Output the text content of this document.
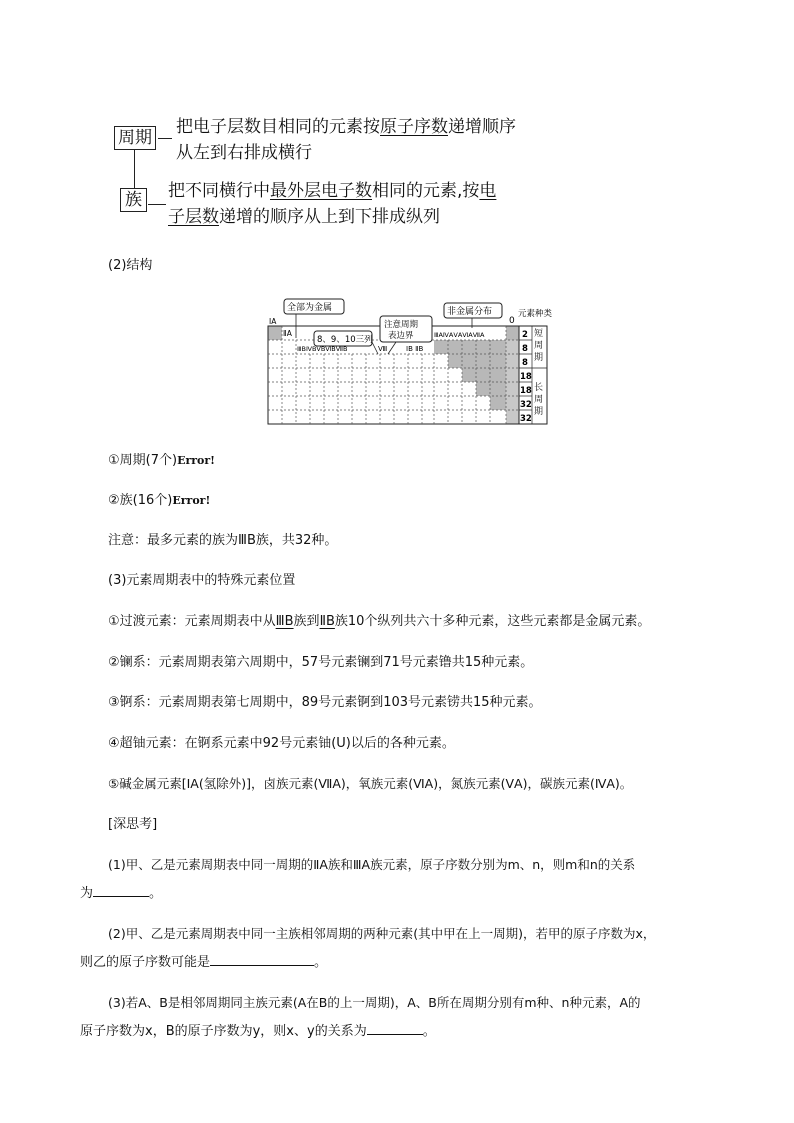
周期
把电子层数目相同的元素按原子序数递增顺序
从左到右排成横行
族 把不同横行中最外层电子数相同的元素,按电
子层数递增的顺序从上到下排成纵列
(2)结构
全部为金属
8、9、10三列
注意周期
表边界
非金属分布
ⅠA
ⅡA
ⅢBⅣBⅤBⅥBⅦB	Ⅷ	ⅠB ⅡB
ⅢAⅣAⅤAⅥAⅦA
0
元素种类
2
8
8
18
18
32
32
短周期
长周期
①周期(7个)Error!
②族(16个)Error!
注意：最多元素的族为ⅢB族，共32种。
(3)元素周期表中的特殊元素位置
①过渡元素：元素周期表中从ⅢB族到ⅡB族10个纵列共六十多种元素，这些元素都是金属元素。
②镧系：元素周期表第六周期中，57号元素镧到71号元素镥共15种元素。
③锕系：元素周期表第七周期中，89号元素锕到103号元素铹共15种元素。
④超铀元素：在锕系元素中92号元素铀(U)以后的各种元素。
⑤碱金属元素[ⅠA(氢除外)]，卤族元素(ⅦA)，氧族元素(ⅥA)，氮族元素(ⅤA)，碳族元素(ⅣA)。
[深思考]
(1)甲、乙是元素周期表中同一周期的ⅡA族和ⅢA族元素，原子序数分别为m、n，则m和n的关系
为	。
(2)甲、乙是元素周期表中同一主族相邻周期的两种元素(其中甲在上一周期)，若甲的原子序数为x，
则乙的原子序数可能是	。
(3)若A、B是相邻周期同主族元素(A在B的上一周期)，A、B所在周期分别有m种、n种元素，A的
原子序数为x，B的原子序数为y，则x、y的关系为	。
